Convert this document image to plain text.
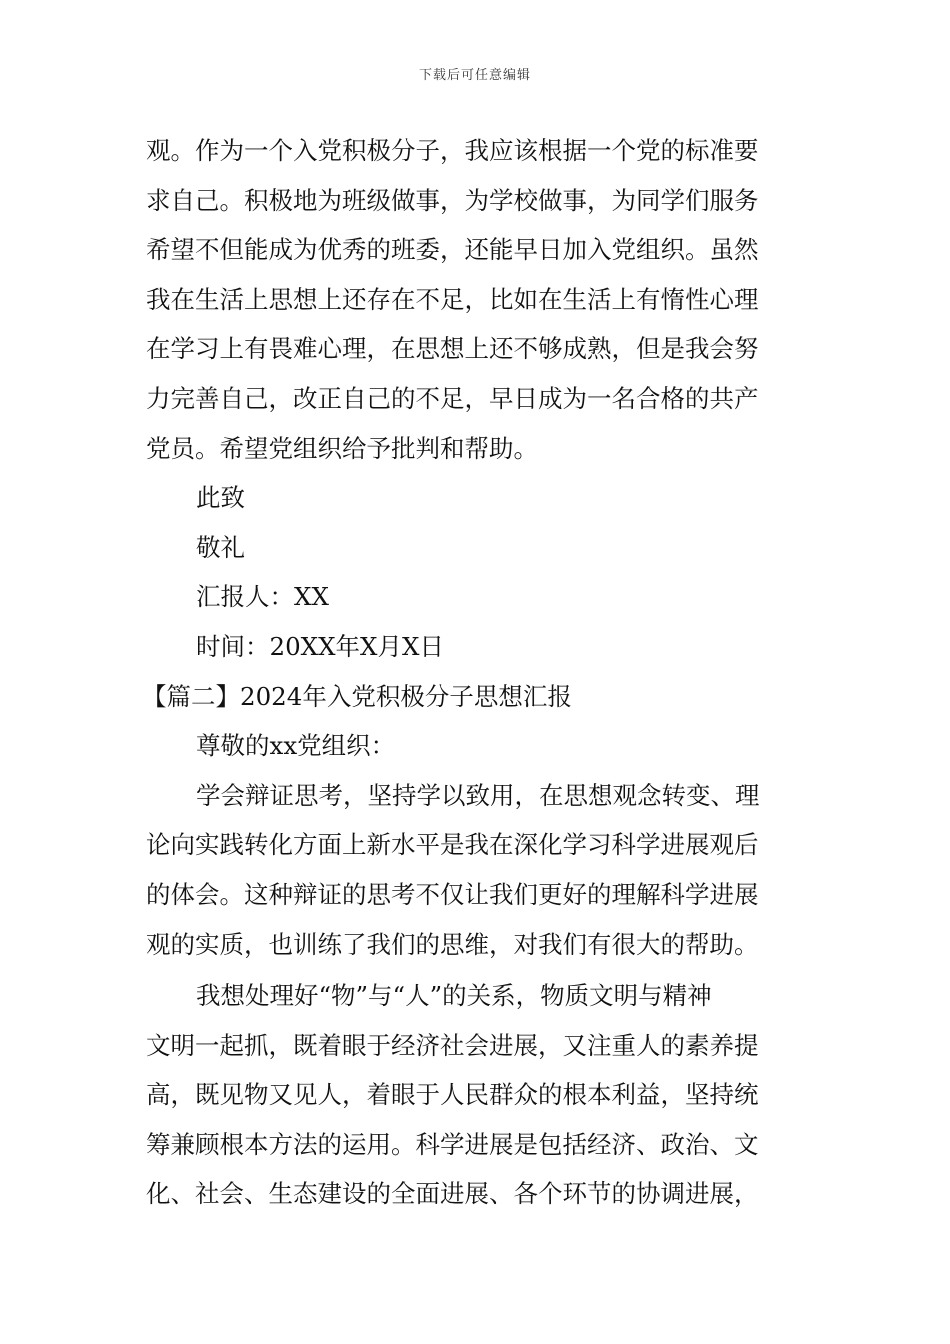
下载后可任意编辑
观。作为一个入党积极分子，我应该根据一个党的标准要
求自己。积极地为班级做事，为学校做事，为同学们服务
希望不但能成为优秀的班委，还能早日加入党组织。虽然
我在生活上思想上还存在不足，比如在生活上有惰性心理
在学习上有畏难心理，在思想上还不够成熟，但是我会努
力完善自己，改正自己的不足，早日成为一名合格的共产
党员。希望党组织给予批判和帮助。
此致
敬礼
汇报人：XX
时间：20XX年X月X日
【篇二】2024年入党积极分子思想汇报
尊敬的xx党组织：
学会辩证思考，坚持学以致用，在思想观念转变、理
论向实践转化方面上新水平是我在深化学习科学进展观后
的体会。这种辩证的思考不仅让我们更好的理解科学进展
观的实质，也训练了我们的思维，对我们有很大的帮助。
我想处理好“物”与“人”的关系，物质文明与精神
文明一起抓，既着眼于经济社会进展，又注重人的素养提
高，既见物又见人，着眼于人民群众的根本利益，坚持统
筹兼顾根本方法的运用。科学进展是包括经济、政治、文
化、社会、生态建设的全面进展、各个环节的协调进展，
